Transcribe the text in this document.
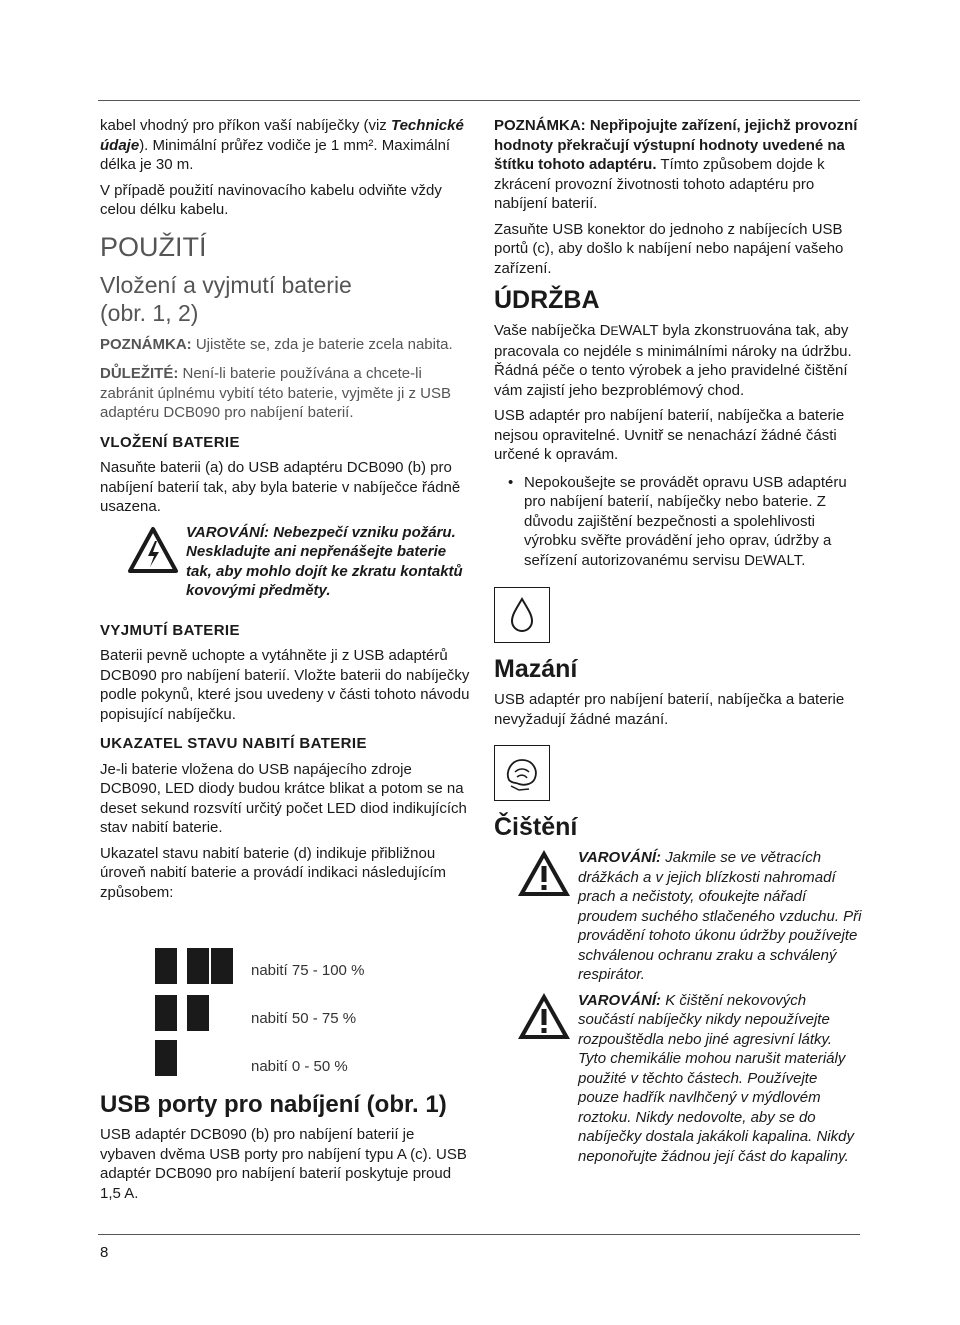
kabel vhodný pro příkon vaší nabíječky (viz Technické údaje). Minimální průřez vodiče je 1 mm². Maximální délka je 30 m.

V případě použití navinovacího kabelu odviňte vždy celou délku kabelu.

POUŽITÍ
Vložení a vyjmutí baterie (obr. 1, 2)

POZNÁMKA: Ujistěte se, zda je baterie zcela nabita.

DŮLEŽITÉ: Není-li baterie používána a chcete-li zabránit úplnému vybití této baterie, vyjměte ji z USB adaptéru DCB090 pro nabíjení baterií.

VLOŽENÍ BATERIE

Nasuňte baterii (a) do USB adaptéru DCB090 (b) pro nabíjení baterií tak, aby byla baterie v nabíječce řádně usazena.

VAROVÁNÍ: Nebezpečí vzniku požáru. Neskladujte ani nepřenášejte baterie tak, aby mohlo dojít ke zkratu kontaktů kovovými předměty.
VYJMUTÍ BATERIE

Baterii pevně uchopte a vytáhněte ji z USB adaptérů DCB090 pro nabíjení baterií. Vložte baterii do nabíječky podle pokynů, které jsou uvedeny v části tohoto návodu popisující nabíječku.

UKAZATEL STAVU NABITÍ BATERIE

Je-li baterie vložena do USB napájecího zdroje DCB090, LED diody budou krátce blikat a potom se na deset sekund rozsvítí určitý počet LED diod indikujících stav nabití baterie.

Ukazatel stavu nabití baterie (d) indikuje přibližnou úroveň nabití baterie a provádí indikaci následujícím způsobem:

nabití 75 - 100 %
nabití 50 - 75 %
nabití 0 - 50 %
USB porty pro nabíjení (obr. 1)

USB adaptér DCB090 (b) pro nabíjení baterií je vybaven dvěma USB porty pro nabíjení typu A (c). USB adaptér DCB090 pro nabíjení baterií poskytuje proud 1,5 A.

POZNÁMKA: Nepřipojujte zařízení, jejichž provozní hodnoty překračují výstupní hodnoty uvedené na štítku tohoto adaptéru. Tímto způsobem dojde k zkrácení provozní životnosti tohoto adaptéru pro nabíjení baterií.

Zasuňte USB konektor do jednoho z nabíjecích USB portů (c), aby došlo k nabíjení nebo napájení vašeho zařízení.

ÚDRŽBA

Vaše nabíječka DEWALT byla zkonstruována tak, aby pracovala co nejdéle s minimálními nároky na údržbu. Řádná péče o tento výrobek a jeho pravidelné čištění vám zajistí jeho bezproblémový chod.

USB adaptér pro nabíjení baterií, nabíječka a baterie nejsou opravitelné. Uvnitř se nenachází žádné části určené k opravám.

• Nepokoušejte se provádět opravu USB adaptéru pro nabíjení baterií, nabíječky nebo baterie. Z důvodu zajištění bezpečnosti a spolehlivosti výrobku svěřte provádění jeho oprav, údržby a seřízení autorizovanému servisu DEWALT.
Mazání

USB adaptér pro nabíjení baterií, nabíječka a baterie nevyžadují žádné mazání.

Čištění
VAROVÁNÍ: Jakmile se ve větracích drážkách a v jejich blízkosti nahromadí prach a nečistoty, ofoukejte nářadí proudem suchého stlačeného vzduchu. Při provádění tohoto úkonu údržby používejte schválenou ochranu zraku a schválený respirátor.
VAROVÁNÍ: K čištění nekovových součástí nabíječky nikdy nepoužívejte rozpouštědla nebo jiné agresivní látky. Tyto chemikálie mohou narušit materiály použité v těchto částech. Používejte pouze hadřík navlhčený v mýdlovém roztoku. Nikdy nedovolte, aby se do nabíječky dostala jakákoli kapalina. Nikdy neponořujte žádnou její část do kapaliny.
8
